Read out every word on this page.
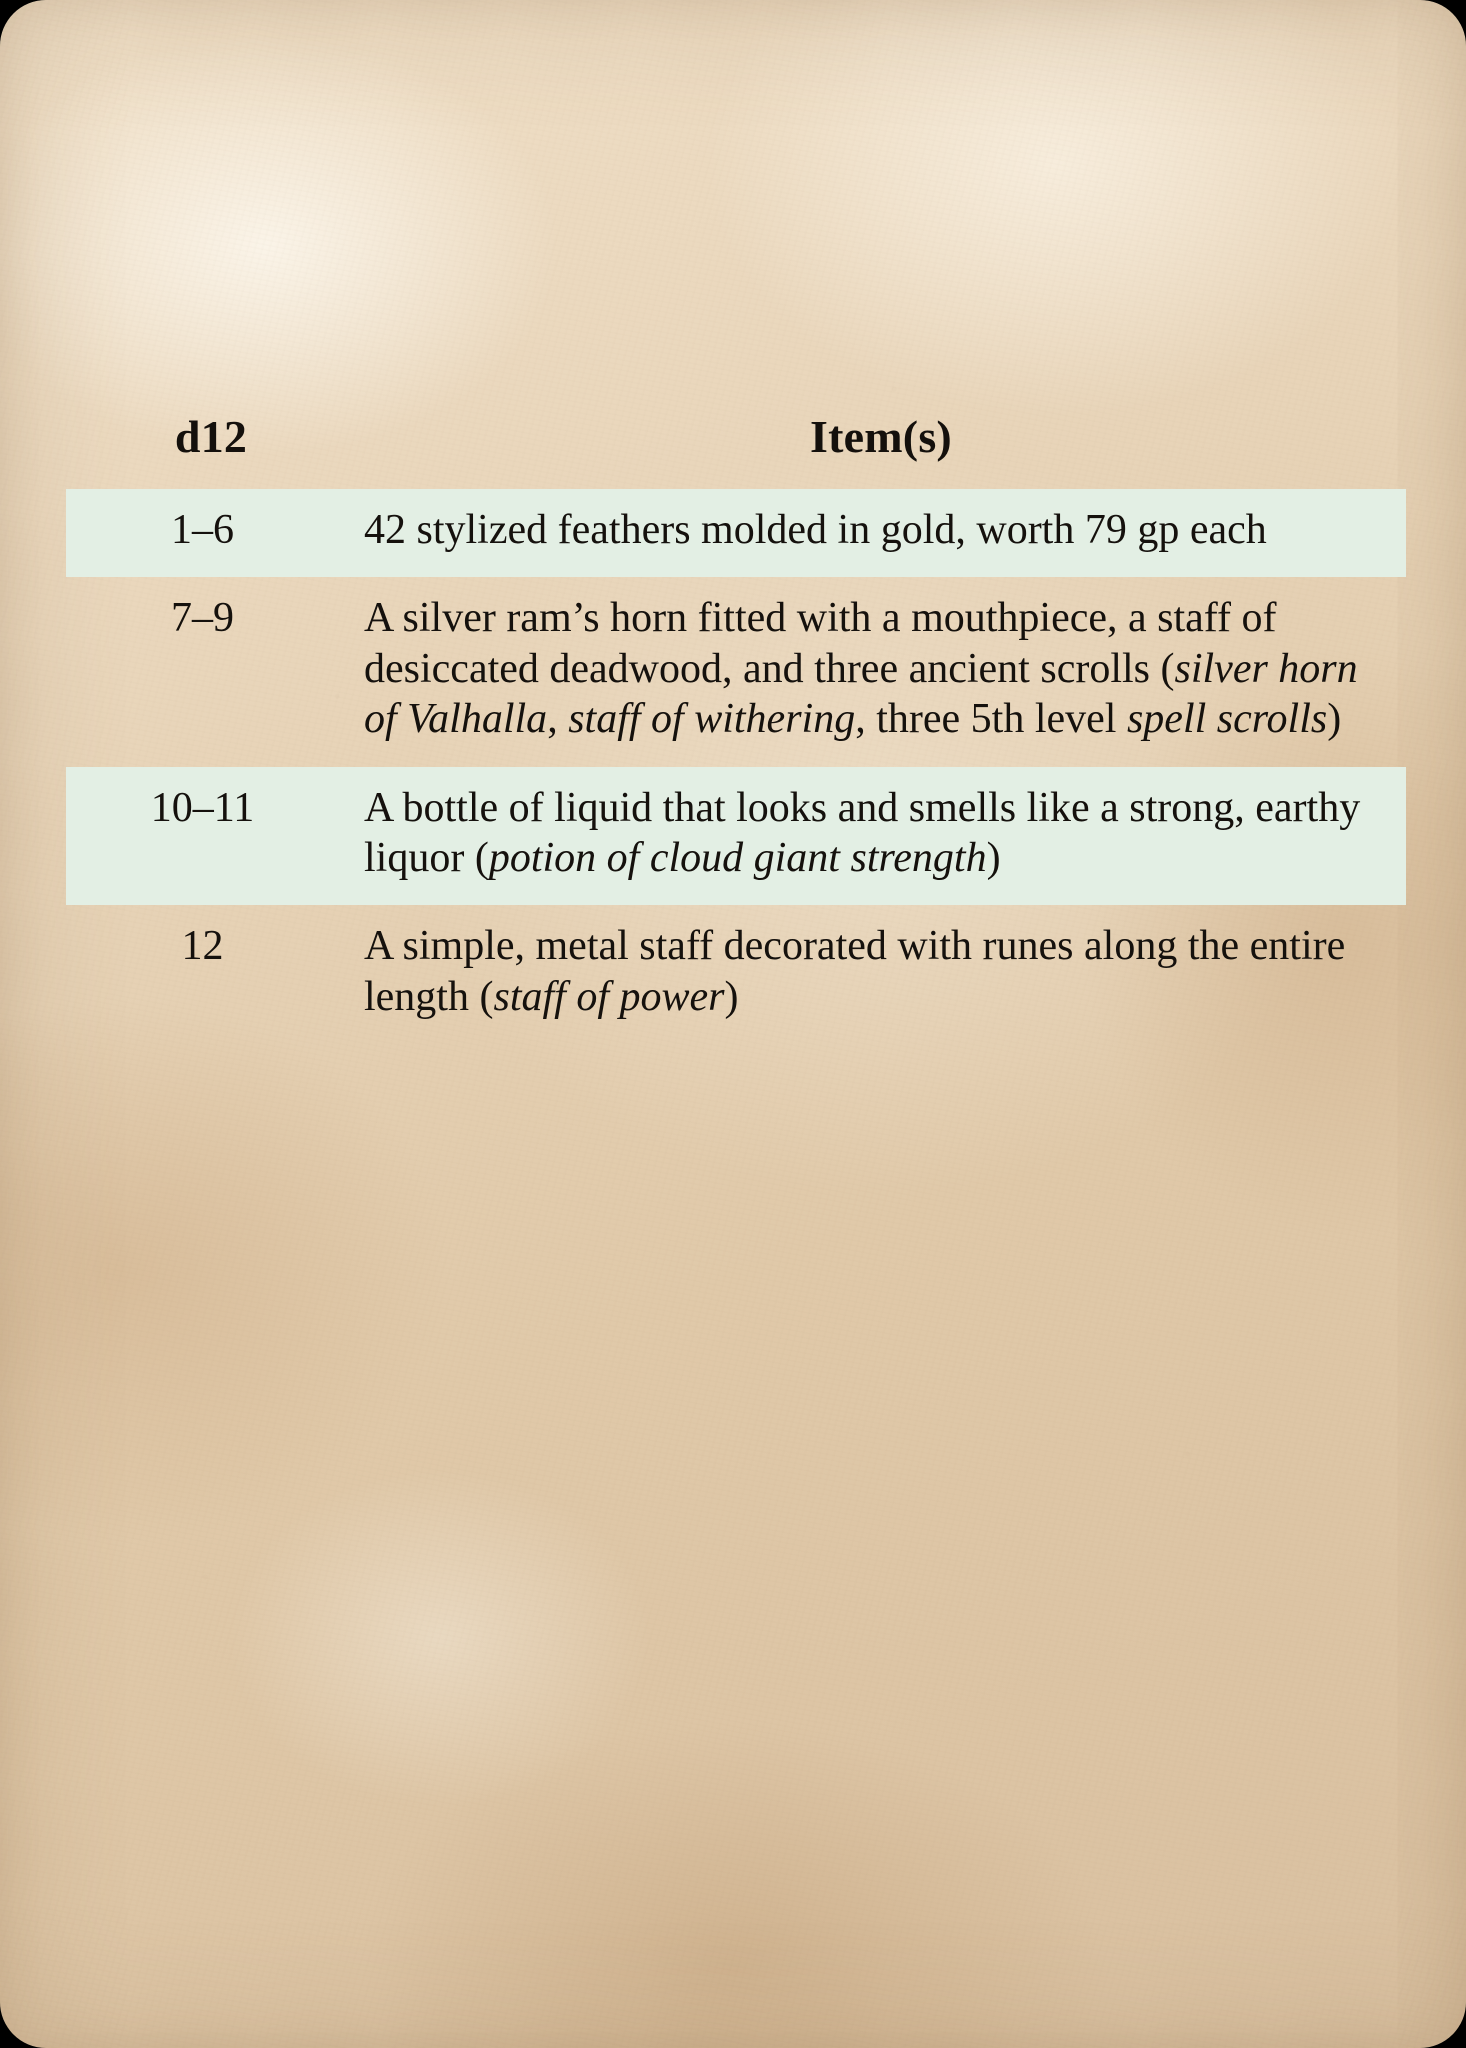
d12	Item(s)
1–6	42 stylized feathers molded in gold, worth 79 gp each
7–9	A silver ram’s horn fitted with a mouthpiece, a staff of desiccated deadwood, and three ancient scrolls (silver horn of Valhalla, staff of withering, three 5th level spell scrolls)
10–11	A bottle of liquid that looks and smells like a strong, earthy liquor (potion of cloud giant strength)
12	A simple, metal staff decorated with runes along the entire length (staff of power)
